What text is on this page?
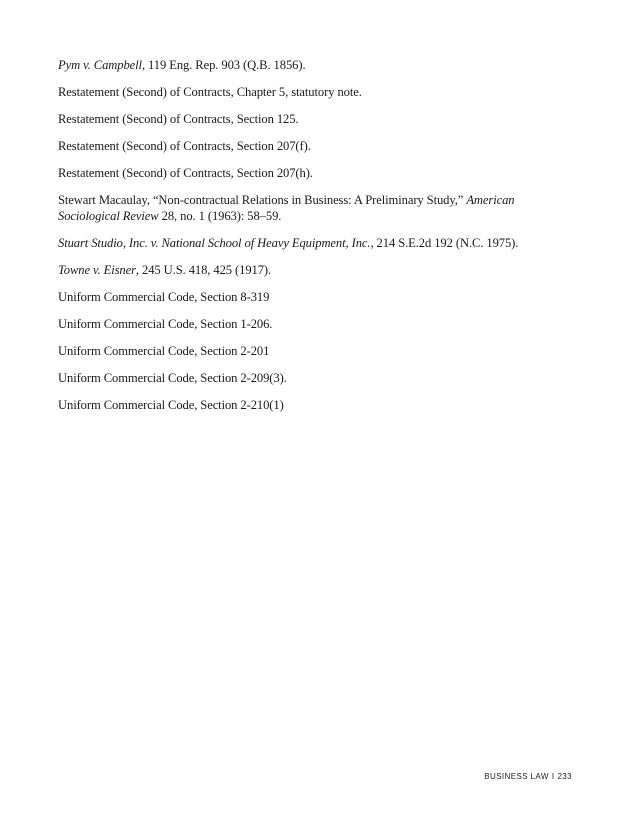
Pym v. Campbell, 119 Eng. Rep. 903 (Q.B. 1856).
Restatement (Second) of Contracts, Chapter 5, statutory note.
Restatement (Second) of Contracts, Section 125.
Restatement (Second) of Contracts, Section 207(f).
Restatement (Second) of Contracts, Section 207(h).
Stewart Macaulay, “Non-contractual Relations in Business: A Preliminary Study,” American Sociological Review 28, no. 1 (1963): 58–59.
Stuart Studio, Inc. v. National School of Heavy Equipment, Inc., 214 S.E.2d 192 (N.C. 1975).
Towne v. Eisner, 245 U.S. 418, 425 (1917).
Uniform Commercial Code, Section 8-319
Uniform Commercial Code, Section 1-206.
Uniform Commercial Code, Section 2-201
Uniform Commercial Code, Section 2-209(3).
Uniform Commercial Code, Section 2-210(1)
BUSINESS LAW I 233
